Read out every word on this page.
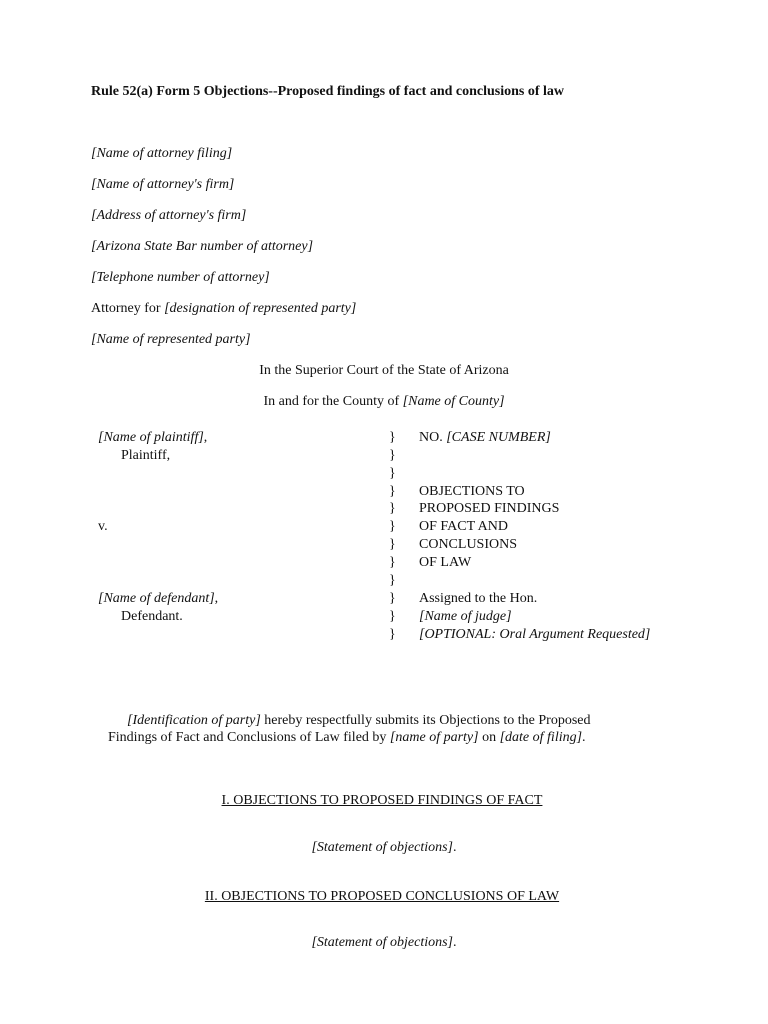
Rule 52(a) Form 5 Objections--Proposed findings of fact and conclusions of law
[Name of attorney filing]
[Name of attorney's firm]
[Address of attorney's firm]
[Arizona State Bar number of attorney]
[Telephone number of attorney]
Attorney for [designation of represented party]
[Name of represented party]
In the Superior Court of the State of Arizona
In and for the County of [Name of County]
[Name of plaintiff],
Plaintiff,
v.
[Name of defendant],
Defendant.
}
}
}
}
}
}
}
}
}
}
}
}
NO. [CASE NUMBER]
OBJECTIONS TO
PROPOSED FINDINGS
OF FACT AND
CONCLUSIONS
OF LAW
Assigned to the Hon.
[Name of judge]
[OPTIONAL: Oral Argument Requested]
[Identification of party] hereby respectfully submits its Objections to the Proposed
Findings of Fact and Conclusions of Law filed by [name of party] on [date of filing].
I. OBJECTIONS TO PROPOSED FINDINGS OF FACT
[Statement of objections].
II. OBJECTIONS TO PROPOSED CONCLUSIONS OF LAW
[Statement of objections].
